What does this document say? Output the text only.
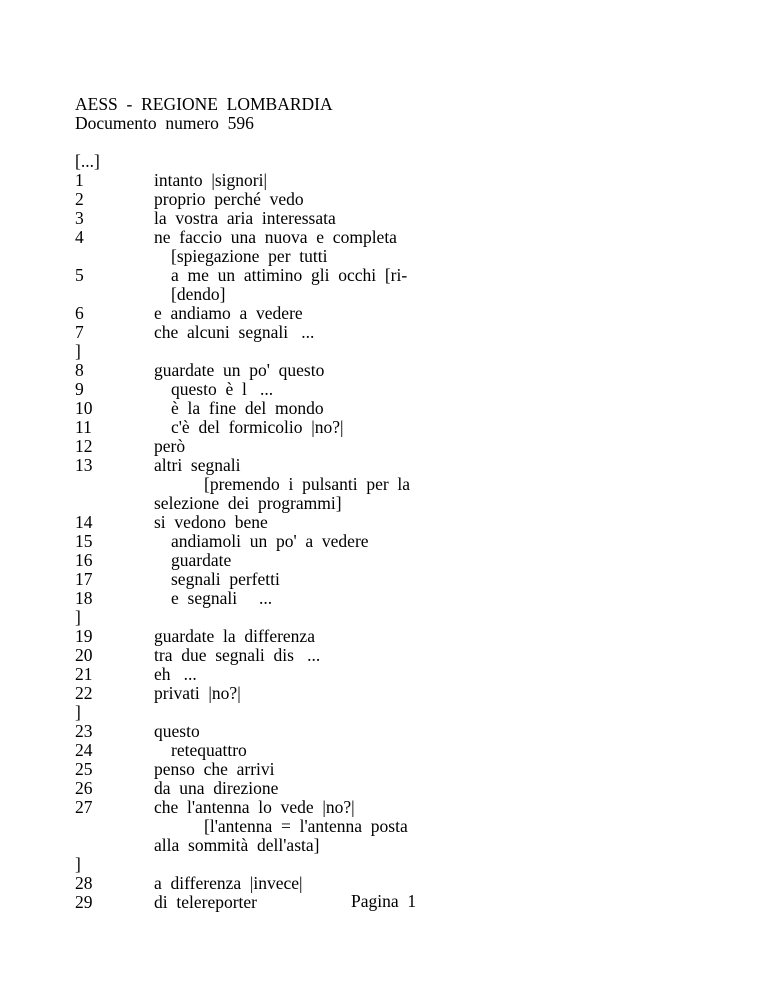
AESS  -  REGIONE  LOMBARDIA
Documento  numero  596
[...]
1	intanto  |signori|
2	proprio  perché  vedo
3	la  vostra  aria  interessata
4	ne  faccio  una  nuova  e  completa
[spiegazione  per  tutti
5	a  me  un  attimino  gli  occhi  [ri-
[dendo]
6	e  andiamo  a  vedere
7	che  alcuni  segnali   ...
]
8	guardate  un  po'  questo
9	questo  è  l   ...
10	è  la  fine  del  mondo
11	c'è  del  formicolio  |no?|
12	però
13	altri  segnali
[premendo  i  pulsanti  per  la
selezione  dei  programmi]
14	si  vedono  bene
15	andiamoli  un  po'  a  vedere
16	guardate
17	segnali  perfetti
18	e  segnali     ...
]
19	guardate  la  differenza
20	tra  due  segnali  dis   ...
21	eh   ...
22	privati  |no?|
]
23	questo
24	retequattro
25	penso  che  arrivi
26	da  una  direzione
27	che  l'antenna  lo  vede  |no?|
[l'antenna  =  l'antenna  posta
alla  sommità  dell'asta]
]
28	a  differenza  |invece|
29	di  telereporter	Pagina  1
